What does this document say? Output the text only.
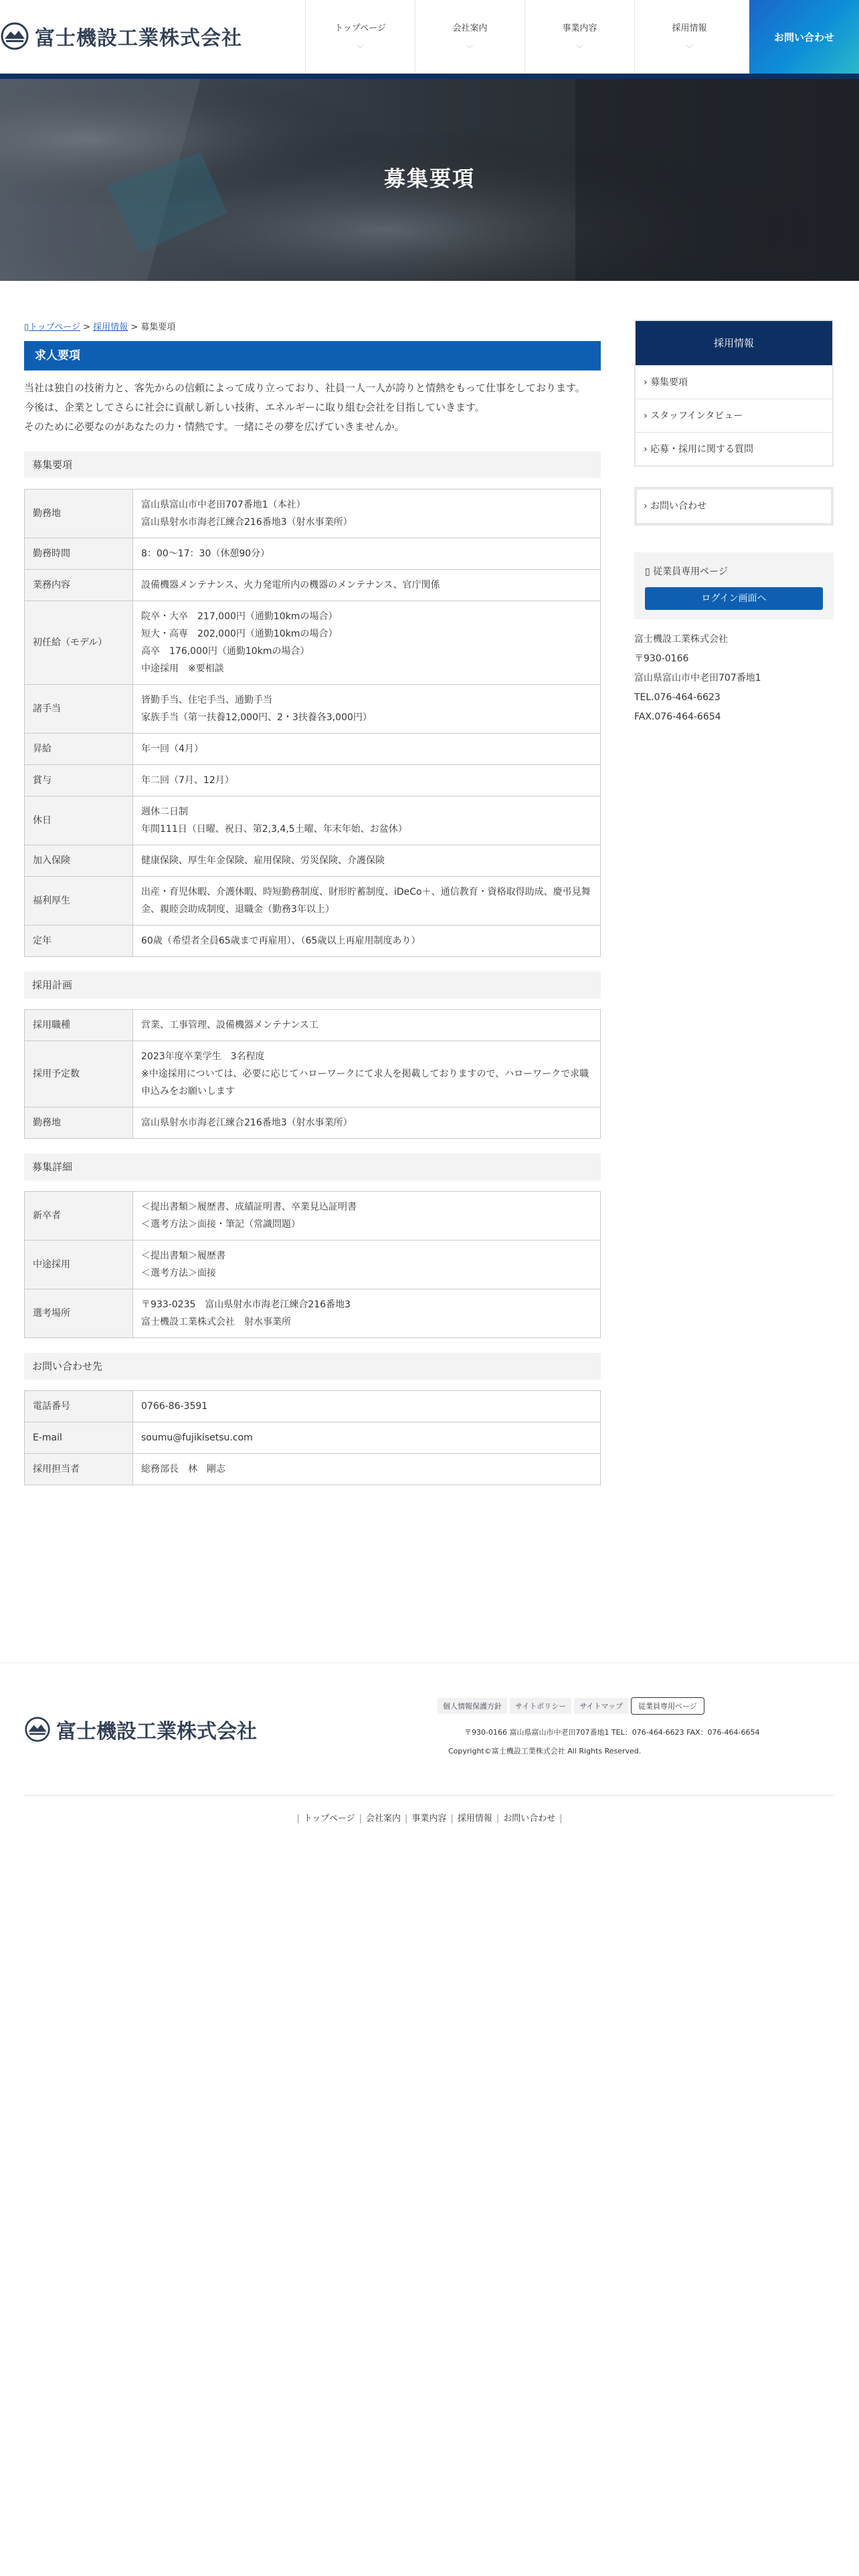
富士機設工業株式会社	トップページ
﹀
会社案内
﹀
事業内容
﹀
採用情報
﹀
お問い合わせ
募集要項
▯トップページ > 採用情報 > 募集要項
求人要項

当社は独自の技術力と、客先からの信頼によって成り立っており、社員一人一人が誇りと情熱をもって仕事をしております。

今後は、企業としてさらに社会に貢献し新しい技術、エネルギーに取り組む会社を目指していきます。

そのために必要なのがあなたの力・情熱です。一緒にその夢を広げていきませんか。

募集要項
勤務地	富山県富山市中老田707番地1（本社）
富山県射水市海老江練合216番地3（射水事業所）

勤務時間	8：00〜17：30（休憩90分）

業務内容	設備機器メンテナンス、火力発電所内の機器のメンテナンス、官庁関係

初任給（モデル）	院卒・大卒　217,000円（通勤10kmの場合）
短大・高専　202,000円（通勤10kmの場合）
高卒　176,000円（通勤10kmの場合）
中途採用　※要相談

諸手当	皆勤手当、住宅手当、通勤手当
家族手当（第一扶養12,000円、2・3扶養各3,000円）

昇給	年一回（4月）

賞与	年二回（7月、12月）

休日	週休二日制
年間111日（日曜、祝日、第2,3,4,5土曜、年末年始、お盆休）

加入保険	健康保険、厚生年金保険、雇用保険、労災保険、介護保険

福利厚生	出産・育児休暇、介護休暇、時短勤務制度、財形貯蓄制度、iDeCo＋、通信教育・資格取得助成、慶弔見舞金、親睦会助成制度、退職金（勤務3年以上）

定年	60歳（希望者全員65歳まで再雇用）、（65歳以上再雇用制度あり）
採用計画
採用職種	営業、工事管理、設備機器メンテナンス工

採用予定数	2023年度卒業学生　3名程度
※中途採用については、必要に応じてハローワークにて求人を掲載しておりますので、ハローワークで求職申込みをお願いします

勤務地	富山県射水市海老江練合216番地3（射水事業所）
募集詳細
新卒者	＜提出書類＞履歴書、成績証明書、卒業見込証明書
＜選考方法＞面接・筆記（常識問題）

中途採用	＜提出書類＞履歴書
＜選考方法＞面接

選考場所	〒933-0235　富山県射水市海老江練合216番地3
富士機設工業株式会社　射水事業所
お問い合わせ先
電話番号	0766-86-3591

E-mail	soumu@fujikisetsu.com

採用担当者	総務部長　林　剛志
採用情報
› 募集要項
› スタッフインタビュー
› 応募・採用に関する質問
› お問い合わせ
▯ 従業員専用ページ
ログイン画面へ
富士機設工業株式会社
〒930-0166
富山県富山市中老田707番地1
TEL.076-464-6623
FAX.076-464-6654
富士機設工業株式会社
個人情報保護方針	サイトポリシー	サイトマップ	従業員専用ページ
〒930-0166 富山県富山市中老田707番地1 TEL：076-464-6623 FAX：076-464-6654
Copyright©富士機設工業株式会社 All Rights Reserved.
| トップページ | 会社案内 | 事業内容 | 採用情報 | お問い合わせ |
